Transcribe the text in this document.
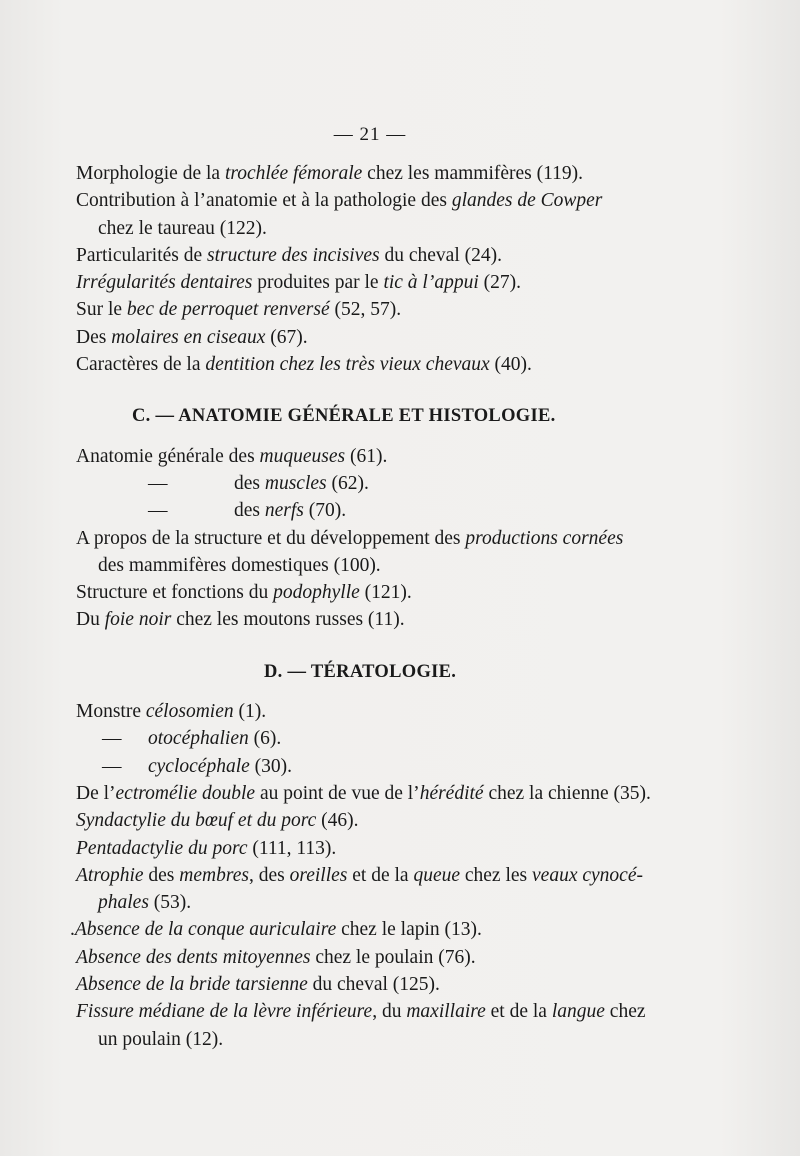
— 21 —
Morphologie de la trochlée fémorale chez les mammifères (119).
Contribution à l’anatomie et à la pathologie des glandes de Cowper
chez le taureau (122).
Particularités de structure des incisives du cheval (24).
Irrégularités dentaires produites par le tic à l’appui (27).
Sur le bec de perroquet renversé (52, 57).
Des molaires en ciseaux (67).
Caractères de la dentition chez les très vieux chevaux (40).
C. — ANATOMIE GÉNÉRALE ET HISTOLOGIE.
Anatomie générale des muqueuses (61).
—	des muscles (62).
—	des nerfs (70).
A propos de la structure et du développement des productions cornées
des mammifères domestiques (100).
Structure et fonctions du podophylle (121).
Du foie noir chez les moutons russes (11).
D. — TÉRATOLOGIE.
Monstre célosomien (1).
— otocéphalien (6).
— cyclocéphale (30).
De l’ectromélie double au point de vue de l’hérédité chez la chienne (35).
Syndactylie du bœuf et du porc (46).
Pentadactylie du porc (111, 113).
Atrophie des membres, des oreilles et de la queue chez les veaux cynocé-
phales (53).
.Absence de la conque auriculaire chez le lapin (13).
Absence des dents mitoyennes chez le poulain (76).
Absence de la bride tarsienne du cheval (125).
Fissure médiane de la lèvre inférieure, du maxillaire et de la langue chez
un poulain (12).
